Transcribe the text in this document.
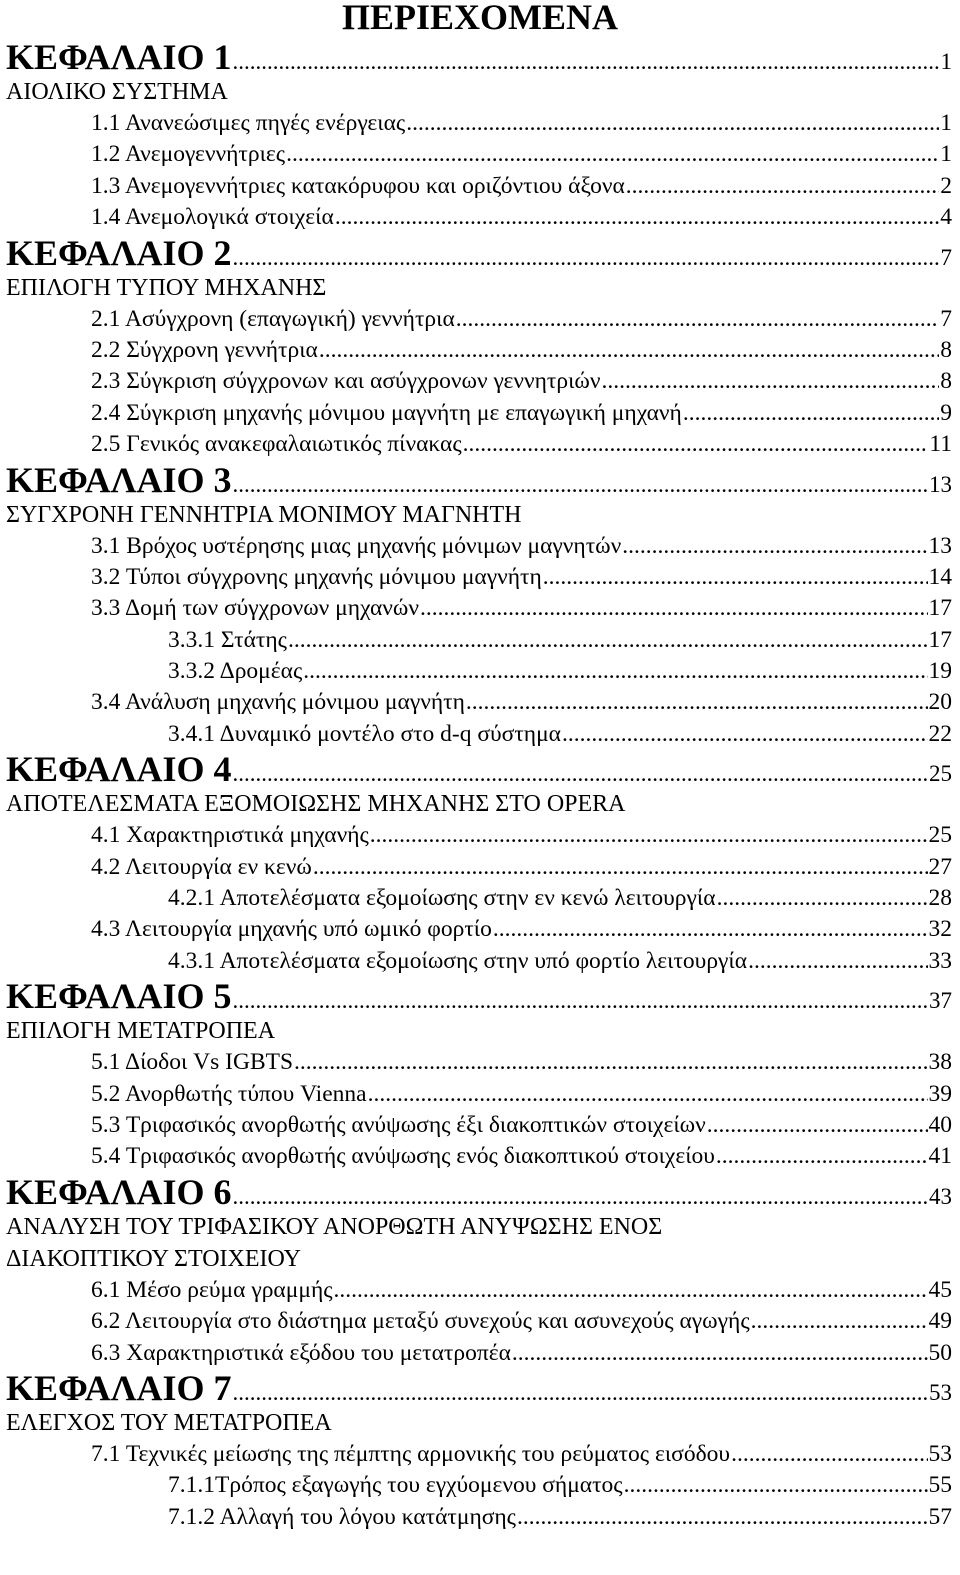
ΠΕΡΙΕΧΟΜΕΝΑ
ΚΕΦΑΛΑΙΟ 1 .....	1
ΑΙΟΛΙΚΟ ΣΥΣΤΗΜΑ
1.1 Ανανεώσιμες πηγές ενέργειας .....	1
1.2 Ανεμογεννήτριες .....	1
1.3 Ανεμογεννήτριες κατακόρυφου και οριζόντιου άξονα .....	2
1.4 Ανεμολογικά στοιχεία .....	4
ΚΕΦΑΛΑΙΟ 2 .....	7
ΕΠΙΛΟΓΗ ΤΥΠΟΥ ΜΗΧΑΝΗΣ
2.1 Ασύγχρονη (επαγωγική) γεννήτρια .....	7
2.2 Σύγχρονη γεννήτρια .....	8
2.3 Σύγκριση σύγχρονων και ασύγχρονων γεννητριών .....	8
2.4 Σύγκριση μηχανής μόνιμου μαγνήτη με επαγωγική μηχανή .....	9
2.5 Γενικός ανακεφαλαιωτικός πίνακας .....	11
ΚΕΦΑΛΑΙΟ 3 .....	13
ΣΥΓΧΡΟΝΗ ΓΕΝΝΗΤΡΙΑ ΜΟΝΙΜΟΥ ΜΑΓΝΗΤΗ
3.1 Βρόχος υστέρησης μιας μηχανής μόνιμων μαγνητών .....	13
3.2 Τύποι σύγχρονης μηχανής μόνιμου μαγνήτη .....	14
3.3 Δομή των σύγχρονων μηχανών .....	17
3.3.1 Στάτης .....	17
3.3.2 Δρομέας .....	19
3.4 Ανάλυση μηχανής μόνιμου μαγνήτη .....	20
3.4.1 Δυναμικό μοντέλο στο d-q σύστημα .....	22
ΚΕΦΑΛΑΙΟ 4 .....	25
ΑΠΟΤΕΛΕΣΜΑΤΑ ΕΞΟΜΟΙΩΣΗΣ ΜΗΧΑΝΗΣ ΣΤΟ OPERA
4.1 Χαρακτηριστικά μηχανής .....	25
4.2 Λειτουργία εν κενώ .....	27
4.2.1 Αποτελέσματα εξομοίωσης στην εν κενώ λειτουργία .....	28
4.3 Λειτουργία μηχανής υπό ωμικό φορτίο .....	32
4.3.1 Αποτελέσματα εξομοίωσης στην υπό φορτίο λειτουργία .....	33
ΚΕΦΑΛΑΙΟ 5 .....	37
ΕΠΙΛΟΓΗ ΜΕΤΑΤΡΟΠΕΑ
5.1 Δίοδοι Vs IGBTS .....	38
5.2 Ανορθωτής τύπου Vienna .....	39
5.3 Τριφασικός ανορθωτής ανύψωσης έξι διακοπτικών στοιχείων .....	40
5.4 Τριφασικός ανορθωτής ανύψωσης ενός διακοπτικού στοιχείου .....	41
ΚΕΦΑΛΑΙΟ 6 .....	43
ΑΝΑΛΥΣΗ ΤΟΥ ΤΡΙΦΑΣΙΚΟΥ ΑΝΟΡΘΩΤΗ ΑΝΥΨΩΣΗΣ ΕΝΟΣ
ΔΙΑΚΟΠΤΙΚΟΥ ΣΤΟΙΧΕΙΟΥ
6.1 Μέσο ρεύμα γραμμής .....	45
6.2 Λειτουργία στο διάστημα μεταξύ συνεχούς και ασυνεχούς αγωγής .....	49
6.3 Χαρακτηριστικά εξόδου του μετατροπέα .....	50
ΚΕΦΑΛΑΙΟ 7 .....	53
ΕΛΕΓΧΟΣ ΤΟΥ ΜΕΤΑΤΡΟΠΕΑ
7.1 Τεχνικές μείωσης της πέμπτης αρμονικής του ρεύματος εισόδου .....	53
7.1.1Τρόπος εξαγωγής του εγχύομενου σήματος .....	55
7.1.2 Αλλαγή του λόγου κατάτμησης .....	57
